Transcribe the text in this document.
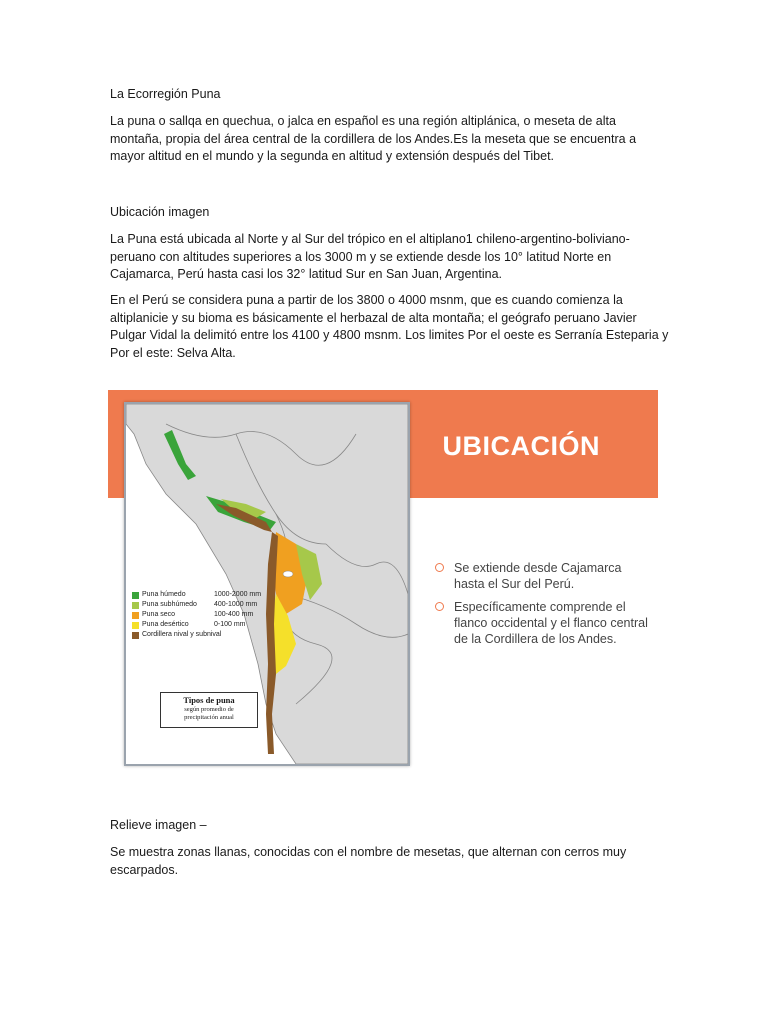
La Ecorregión Puna

La puna o sallqa en quechua, o jalca en español es una región altiplánica, o meseta de alta montaña, propia del área central de la cordillera de los Andes.Es la meseta que se encuentra a mayor altitud en el mundo y la segunda en altitud y extensión después del Tibet.

Ubicación imagen

La Puna está ubicada al Norte y al Sur del trópico en el altiplano1 chileno-argentino-boliviano-peruano con altitudes superiores a los 3000 m y se extiende desde los 10° latitud Norte en Cajamarca, Perú hasta casi los 32° latitud Sur en San Juan, Argentina.

En el Perú se considera puna a partir de los 3800 o 4000 msnm, que es cuando comienza la altiplanicie y su bioma es básicamente el herbazal de alta montaña; el geógrafo peruano Javier Pulgar Vidal la delimitó entre los 4100 y 4800 msnm. Los limites Por el oeste es Serranía Esteparia y Por el este: Selva Alta.

UBICACIÓN
Puna húmedo	1000-2000 mm
Puna subhúmedo	400-1000 mm
Puna seco	100-400 mm
Puna desértico	0-100 mm
Cordillera nival y subnival
Tipos de puna
según promedio de
precipitación anual
Se extiende desde Cajamarca hasta el Sur del Perú.
Específicamente comprende el flanco occidental y el flanco central de la Cordillera de los Andes.
Relieve imagen –

Se muestra zonas llanas, conocidas con el nombre de mesetas, que alternan con cerros muy escarpados.
